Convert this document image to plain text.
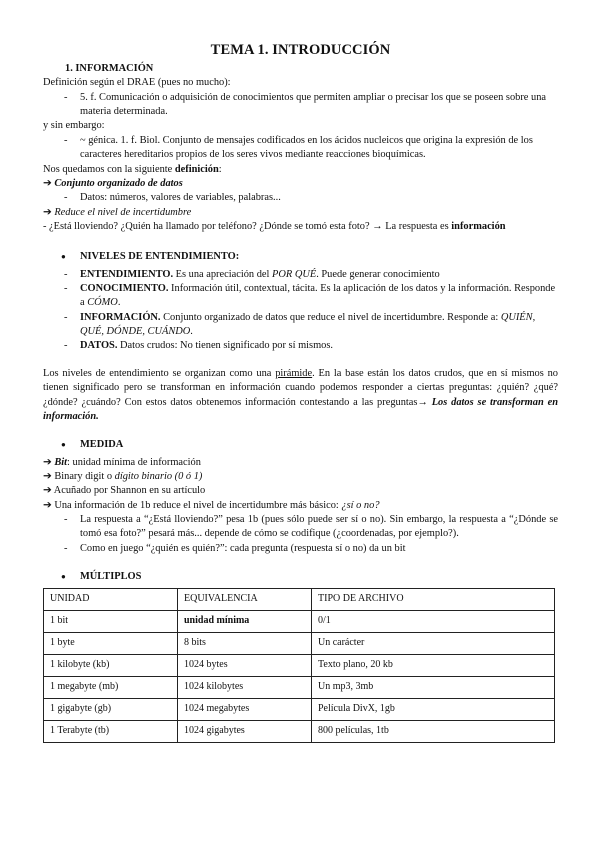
TEMA 1. INTRODUCCIÓN

1. INFORMACIÓN

Definición según el DRAE (pues no mucho):

- 5. f. Comunicación o adquisición de conocimientos que permiten ampliar o precisar los que se poseen sobre una materia determinada.

y sin embargo:

- ~ génica. 1. f. Biol. Conjunto de mensajes codificados en los ácidos nucleicos que origina la expresión de los caracteres hereditarios propios de los seres vivos mediante reacciones bioquímicas.

Nos quedamos con la siguiente definición:

➔ Conjunto organizado de datos

- Datos: números, valores de variables, palabras...

➔ Reduce el nivel de incertidumbre

- ¿Está lloviendo? ¿Quién ha llamado por teléfono? ¿Dónde se tomó esta foto? → La respuesta es información

● NIVELES DE ENTENDIMIENTO:
- ENTENDIMIENTO. Es una apreciación del POR QUÉ. Puede generar conocimiento
- CONOCIMIENTO. Información útil, contextual, tácita. Es la aplicación de los datos y la información. Responde a CÓMO.
- INFORMACIÓN. Conjunto organizado de datos que reduce el nivel de incertidumbre. Responde a: QUIÉN, QUÉ, DÓNDE, CUÁNDO.
- DATOS. Datos crudos: No tienen significado por sí mismos.

Los niveles de entendimiento se organizan como una pirámide. En la base están los datos crudos, que en sí mismos no tienen significado pero se transforman en información cuando podemos responder a ciertas preguntas: ¿quién? ¿qué? ¿dónde? ¿cuándo? Con estos datos obtenemos información contestando a las preguntas→ Los datos se transforman en información.

● MEDIDA

➔ Bit: unidad mínima de información

➔ Binary digit o dígito binario (0 ó 1)

➔ Acuñado por Shannon en su artículo

➔ Una información de 1b reduce el nivel de incertidumbre más básico: ¿sí o no?

- La respuesta a “¿Está lloviendo?” pesa 1b (pues sólo puede ser sí o no). Sin embargo, la respuesta a “¿Dónde se tomó esa foto?” pesará más... depende de cómo se codifique (¿coordenadas, por ejemplo?).
- Como en juego “¿quién es quién?”: cada pregunta (respuesta sí o no) da un bit
● MÚLTIPLOS
UNIDAD	EQUIVALENCIA	TIPO DE ARCHIVO
1 bit	unidad mínima	0/1
1 byte	8 bits	Un carácter
1 kilobyte (kb)	1024 bytes	Texto plano, 20 kb
1 megabyte (mb)	1024 kilobytes	Un mp3, 3mb
1 gigabyte (gb)	1024 megabytes	Película DivX, 1gb
1 Terabyte (tb)	1024 gigabytes	800 películas, 1tb
